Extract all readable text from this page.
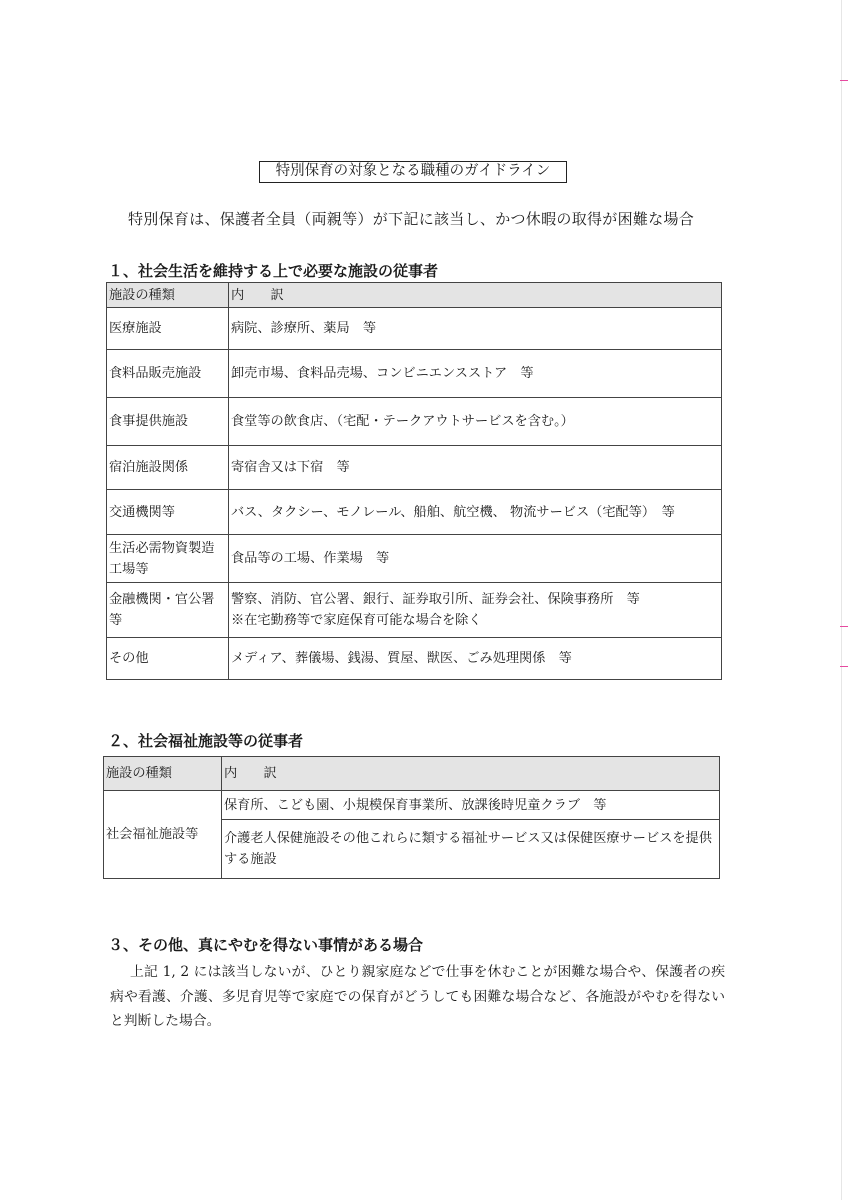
特別保育の対象となる職種のガイドライン
特別保育は、保護者全員（両親等）が下記に該当し、かつ休暇の取得が困難な場合
１、社会生活を維持する上で必要な施設の従事者
施設の種類	内　　訳
医療施設	病院、診療所、薬局　等
食料品販売施設	卸売市場、食料品売場、コンビニエンスストア　等
食事提供施設	食堂等の飲食店、（宅配・テークアウトサービスを含む。）
宿泊施設関係	寄宿舎又は下宿　等
交通機関等	バス、タクシー、モノレール、船舶、航空機、 物流サービス（宅配等）　等
生活必需物資製造工場等	食品等の工場、作業場　等
金融機関・官公署等	警察、消防、官公署、銀行、証券取引所、証券会社、保険事務所　等
※在宅勤務等で家庭保育可能な場合を除く

その他	メディア、葬儀場、銭湯、質屋、獣医、ごみ処理関係　等
２、社会福祉施設等の従事者
施設の種類	内　　訳
社会福祉施設等	保育所、こども園、小規模保育事業所、放課後時児童クラブ　等
	介護老人保健施設その他これらに類する福祉サービス又は保健医療サービスを提供する施設
３、その他、真にやむを得ない事情がある場合

上記 1, 2 には該当しないが、ひとり親家庭などで仕事を休むことが困難な場合や、保護者の疾病や看護、介護、多児育児等で家庭での保育がどうしても困難な場合など、各施設がやむを得ないと判断した場合。
